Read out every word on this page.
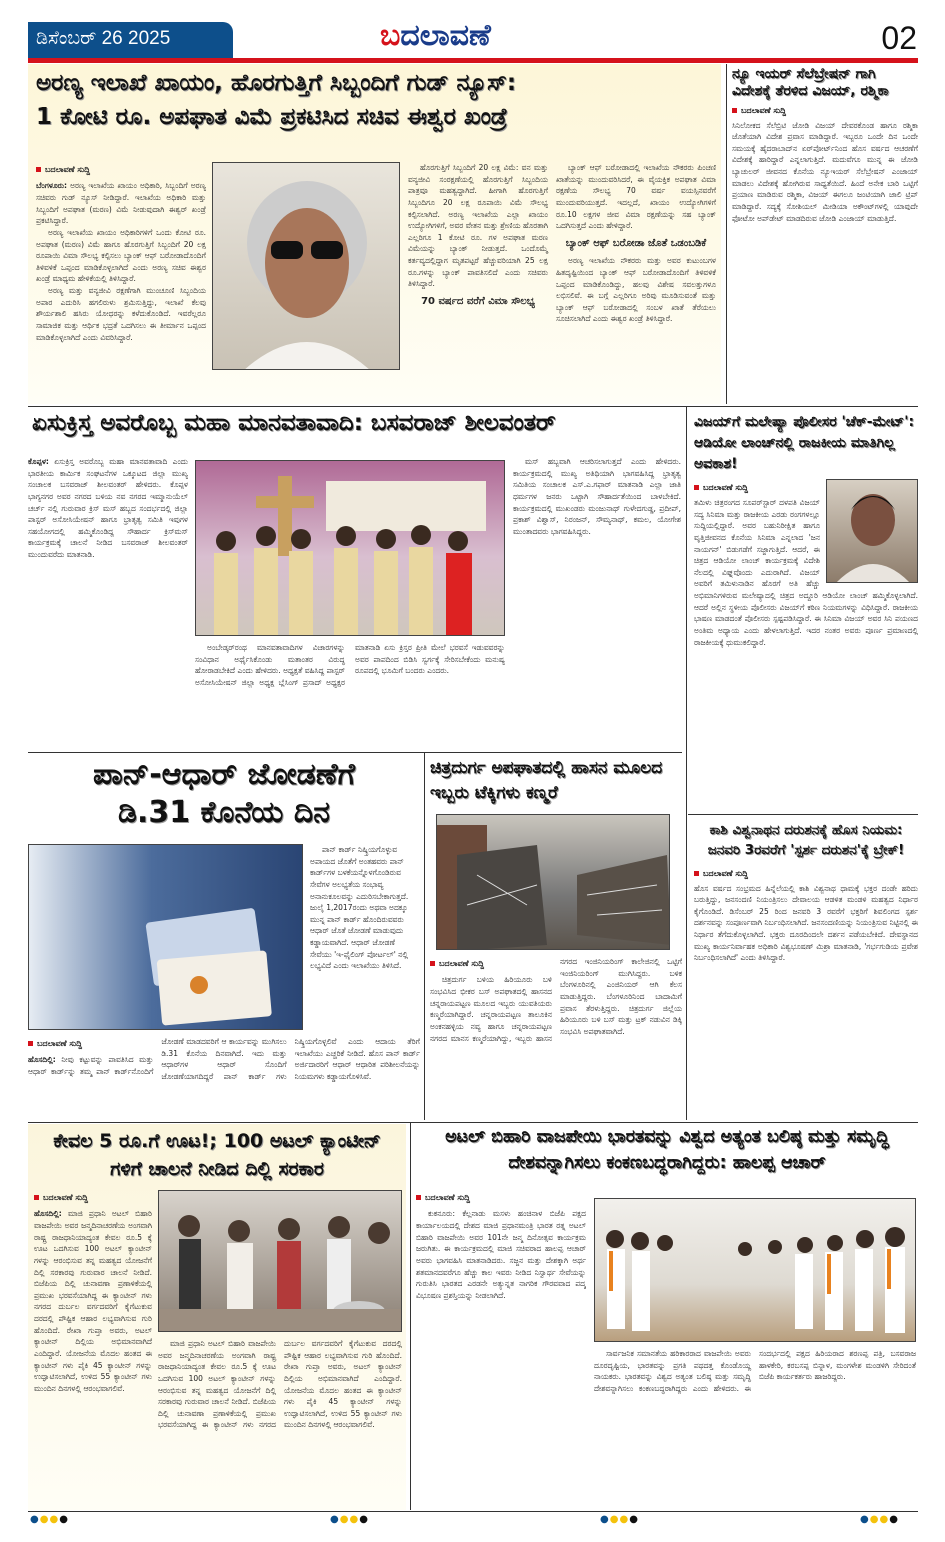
ಡಿಸೆಂಬರ್ 26 2025	ಬದಲಾವಣೆ	02
ಅರಣ್ಯ ಇಲಾಖೆ ಖಾಯಂ, ಹೊರಗುತ್ತಿಗೆ ಸಿಬ್ಬಂದಿಗೆ ಗುಡ್ ನ್ಯೂಸ್:
1 ಕೋಟಿ ರೂ. ಅಪಘಾತ ವಿಮೆ ಪ್ರಕಟಿಸಿದ ಸಚಿವ ಈಶ್ವರ ಖಂಡ್ರೆ
ಬದಲಾವಣೆ ಸುದ್ದಿ

ಬೆಂಗಳೂರು: ಅರಣ್ಯ ಇಲಾಖೆಯ ಖಾಯಂ ಅಧಿಕಾರಿ, ಸಿಬ್ಬಂದಿಗೆ ಅರಣ್ಯ ಸಚಿವರು ಗುಡ್ ನ್ಯೂಸ್ ನೀಡಿದ್ದಾರೆ. ಇಲಾಖೆಯ ಅಧಿಕಾರಿ ಮತ್ತು ಸಿಬ್ಬಂದಿಗೆ ಅಪಘಾತ (ಮರಣ) ವಿಮೆ ನೀಡುವುದಾಗಿ ಈಶ್ವರ್ ಖಂಡ್ರೆ ಪ್ರಕಟಿಸಿದ್ದಾರೆ.

ಅರಣ್ಯ ಇಲಾಖೆಯ ಖಾಯಂ ಅಧಿಕಾರಿಗಳಿಗೆ ಒಂದು ಕೋಟಿ ರೂ. ಅಪಘಾತ (ಮರಣ) ವಿಮೆ ಹಾಗೂ ಹೊರಗುತ್ತಿಗೆ ಸಿಬ್ಬಂದಿಗೆ 20 ಲಕ್ಷ ರೂಪಾಯಿ ವಿಮಾ ಸೌಲಭ್ಯ ಕಲ್ಪಿಸಲು ಬ್ಯಾಂಕ್ ಆಫ್ ಬರೋಡಾದೊಂದಿಗೆ ತಿಳಿವಳಿಕೆ ಒಪ್ಪಂದ ಮಾಡಿಕೊಳ್ಳಲಾಗಿದೆ ಎಂದು ಅರಣ್ಯ ಸಚಿವ ಈಶ್ವರ ಖಂಡ್ರೆ ಮಾಧ್ಯಮ ಹೇಳಿಕೆಯಲ್ಲಿ ತಿಳಿಸಿದ್ದಾರೆ.

ಅರಣ್ಯ ಮತ್ತು ವನ್ಯಜೀವಿ ರಕ್ಷಣೆಗಾಗಿ ಮುಂಚೂಣಿ ಸಿಬ್ಬಂದಿಯ ಅಪಾರ ಎದುರಿಸಿ ಹಗಲಿರುಳು ಶ್ರಮಿಸುತ್ತಿದ್ದು, ಇಲಾಖೆ ಕೆಲವು ಶೌರ್ಯಶಾಲಿ ಹಸಿರು ಯೋಧರನ್ನು ಕಳೆದುಕೊಂಡಿದೆ. ಇವರೆಲ್ಲರೂ ಸಾಮಾಜಿಕ ಮತ್ತು ಆರ್ಥಿಕ ಭದ್ರತೆ ಒದಗಿಸಲು ಈ ತೀರ್ಮಾನ ಒಪ್ಪಂದ ಮಾಡಿಕೊಳ್ಳಲಾಗಿದೆ ಎಂದು ವಿವರಿಸಿದ್ದಾರೆ.

ಹೊರಗುತ್ತಿಗೆ ಸಿಬ್ಬಂದಿಗೆ 20 ಲಕ್ಷ ವಿಮೆ: ವನ ಮತ್ತು ವನ್ಯಜೀವಿ ಸಂರಕ್ಷಣೆಯಲ್ಲಿ ಹೊರಗುತ್ತಿಗೆ ಸಿಬ್ಬಂದಿಯ ಪಾತ್ರವೂ ಮಹತ್ವದ್ದಾಗಿದೆ. ಹೀಗಾಗಿ ಹೊರಗುತ್ತಿಗೆ ಸಿಬ್ಬಂದಿಗೂ 20 ಲಕ್ಷ ರೂಪಾಯಿ ವಿಮೆ ಸೌಲಭ್ಯ ಕಲ್ಪಿಸಲಾಗಿದೆ. ಅರಣ್ಯ ಇಲಾಖೆಯ ಎಲ್ಲಾ ಖಾಯಂ ಉದ್ಯೋಗಿಗಳಿಗೆ, ಅವರ ವೇತನ ಮತ್ತು ಶ್ರೇಣಿಯ ಹೊರತಾಗಿ ಎಲ್ಲರಿಗೂ 1 ಕೋಟಿ ರೂ. ಗಳ ಅಪಘಾತ ಮರಣ ವಿಮೆಯನ್ನು ಬ್ಯಾಂಕ್ ನೀಡುತ್ತದೆ. ಒಂದೊಮ್ಮೆ ಕರ್ತವ್ಯದಲ್ಲಿದ್ದಾಗ ಮೃತಪಟ್ಟರೆ ಹೆಚ್ಚುವರಿಯಾಗಿ 25 ಲಕ್ಷ ರೂ.ಗಳನ್ನು ಬ್ಯಾಂಕ್ ಪಾವತಿಸಲಿದೆ ಎಂದು ಸಚಿವರು ತಿಳಿಸಿದ್ದಾರೆ.

70 ವರ್ಷದ ವರೆಗೆ ವಿಮಾ ಸೌಲಭ್ಯ

ಬ್ಯಾಂಕ್ ಆಫ್ ಬರೋಡಾದಲ್ಲಿ ಇಲಾಖೆಯ ನೌಕರರು ಪಿಂಚಣಿ ಖಾತೆಯನ್ನು ಮುಂದುವರಿಸಿದರೆ, ಈ ವೈಯಕ್ತಿಕ ಅಪಘಾತ ವಿಮಾ ರಕ್ಷಣೆಯ ಸೌಲಭ್ಯ 70 ವರ್ಷ ವಯಸ್ಸಿನವರೆಗೆ ಮುಂದುವರಿಯುತ್ತದೆ. ಇದಲ್ಲದೆ, ಖಾಯಂ ಉದ್ಯೋಗಿಗಳಿಗೆ ರೂ.10 ಲಕ್ಷಗಳ ಜೀವ ವಿಮಾ ರಕ್ಷಣೆಯನ್ನು ಸಹ ಬ್ಯಾಂಕ್ ಒದಗಿಸುತ್ತದೆ ಎಂದು ಹೇಳಿದ್ದಾರೆ.

ಬ್ಯಾಂಕ್ ಆಫ್ ಬರೋಡಾ ಜೊತೆ ಒಡಂಬಡಿಕೆ

ಅರಣ್ಯ ಇಲಾಖೆಯ ನೌಕರರು ಮತ್ತು ಅವರ ಕುಟುಂಬಗಳ ಹಿತದೃಷ್ಟಿಯಿಂದ ಬ್ಯಾಂಕ್ ಆಫ್ ಬರೋಡಾದೊಂದಿಗೆ ತಿಳಿವಳಿಕೆ ಒಪ್ಪಂದ ಮಾಡಿಕೊಂಡಿದ್ದು, ಹಲವು ವಿಶೇಷ ಸವಲತ್ತುಗಳೂ ಲಭಿಸಲಿವೆ. ಈ ಬಗ್ಗೆ ಎಲ್ಲರಿಗೂ ಅರಿವು ಮೂಡಿಸುವಂತೆ ಮತ್ತು ಬ್ಯಾಂಕ್ ಆಫ್ ಬರೋಡಾದಲ್ಲಿ ಸಂಬಳ ಖಾತೆ ತೆರೆಯಲು ಸೂಚಿಸಲಾಗಿದೆ ಎಂದು ಈಶ್ವರ ಖಂಡ್ರೆ ತಿಳಿಸಿದ್ದಾರೆ.

ನ್ಯೂ ಇಯರ್ ಸೆಲೆಬ್ರೇಷನ್ ಗಾಗಿ ವಿದೇಶಕ್ಕೆ ತೆರಳಿದ ವಿಜಯ್, ರಶ್ಮಿಕಾ
ಬದಲಾವಣೆ ಸುದ್ದಿ
ಸಿನಿಲೋಕದ ಸೆಲೆಬ್ರಿಟಿ ಜೋಡಿ ವಿಜಯ್ ದೇವರಕೊಂಡ ಹಾಗೂ ರಶ್ಮಿಕಾ ಜೊತೆಯಾಗಿ ವಿದೇಶ ಪ್ರವಾಸ ಮಾಡಿದ್ದಾರೆ. ಇಬ್ಬರೂ ಒಂದೇ ದಿನ ಒಂದೇ ಸಮಯಕ್ಕೆ ಹೈದರಾಬಾದ್‌ನ ಏರ್‌ಪೋರ್ಟ್‌ನಿಂದ ಹೊಸ ವರ್ಷದ ಆಚರಣೆಗೆ ವಿದೇಶಕ್ಕೆ ಹಾರಿದ್ದಾರೆ ಎನ್ನಲಾಗುತ್ತಿದೆ. ಮದುವೆಗೂ ಮುನ್ನ ಈ ಜೋಡಿ ಬ್ಯಾಚುಲರ್ ಜೀವನದ ಕೊನೆಯ ನ್ಯೂಇಯರ್ ಸೆಲೆಬ್ರೇಷನ್ ಎಂಜಾಯ್ ಮಾಡಲು ವಿದೇಶಕ್ಕೆ ಹೋಗಿರುವ ಸಾಧ್ಯತೆಯಿದೆ. ಹಿಂದೆ ಅನೇಕ ಬಾರಿ ಒಟ್ಟಿಗೆ ಪ್ರಯಾಣ ಮಾಡಿರುವ ರಶ್ಮಿಕಾ, ವಿಜಯ್ ಈಗಲೂ ಜಂಟಿಯಾಗಿ ಜಾಲಿ ಟ್ರಿಪ್ ಮಾಡಿದ್ದಾರೆ. ಸದ್ಯಕ್ಕೆ ಸೋಶಿಯಲ್ ಮೀಡಿಯಾ ಅಕೌಂಟ್‌ಗಳಲ್ಲಿ ಯಾವುದೇ ಫೋಟೋ ಅಪ್‌ಡೇಟ್ ಮಾಡದಿರುವ ಜೋಡಿ ಎಂಜಾಯ್ ಮಾಡುತ್ತಿದೆ.
ಏಸುಕ್ರಿಸ್ತ ಅವರೊಬ್ಬ ಮಹಾ ಮಾನವತಾವಾದಿ: ಬಸವರಾಜ್ ಶೀಲವಂತರ್

ಕೊಪ್ಪಳ: ಏಸುಕ್ರಿಸ್ತ ಅವರೊಬ್ಬ ಮಹಾ ಮಾನವತಾವಾದಿ ಎಂದು ಭಾರತೀಯ ಕಾರ್ಮಿಕ ಸಂಘಟನೆಗಳ ಒಕ್ಕೂಟದ ಜಿಲ್ಲಾ ಮುಖ್ಯ ಸಂಚಾಲಕ ಬಸವರಾಜ್ ಶೀಲವಂತರ್ ಹೇಳಿದರು. ಕೊಪ್ಪಳ ಭಾಗ್ಯನಗರ ಅವರ ನಗರದ ಬಳಿಯ ನವ ನಗರದ ಇಮ್ಮಾನುಯೆಲ್ ಚರ್ಚ್ ನಲ್ಲಿ ಗುರುವಾರ ಕ್ರಿಸ್ ಮಸ್ ಹಬ್ಬದ ಸಂದರ್ಭದಲ್ಲಿ ಜಿಲ್ಲಾ ಪಾಸ್ಟರ್ ಅಸೋಸಿಯೇಷನ್ ಹಾಗೂ ಭ್ರಾತೃತ್ವ ಸಮಿತಿ ಇವುಗಳ ಸಹಯೋಗದಲ್ಲಿ ಹಮ್ಮಿಕೊಂಡಿದ್ದ ಸೌಹಾರ್ದ ಕ್ರಿಸ್‌ಮಸ್ ಕಾರ್ಯಕ್ರಮಕ್ಕೆ ಚಾಲನೆ ನೀಡಿದ ಬಸವರಾಜ್ ಶೀಲವಂತರ್ ಮುಂದುವರೆದು ಮಾತನಾಡಿ.

ಅಂಬೇಡ್ಕರ್‌ರಂಥ ಮಾನವತಾವಾದಿಗಳ ವಿಚಾರಗಳನ್ನು ಸಂವಿಧಾನ ಅರ್ಥೈಸಿಕೊಂಡು ಮತಾಂತರ ವಿರುದ್ಧ ಹೋರಾಡಬೇಕಿದೆ ಎಂದು ಹೇಳಿದರು. ಅಧ್ಯಕ್ಷತೆ ವಹಿಸಿದ್ದ ಪಾಸ್ಟರ್ ಅಸೋಸಿಯೇಷನ್ ಜಿಲ್ಲಾ ಅಧ್ಯಕ್ಷ ಬ್ಲೆಸಿಂಗ್ ಪ್ರಸಾದ್ ಅಧ್ಯಕ್ಷರ ಮಾತನಾಡಿ ಏಸು ಕ್ರಿಸ್ತರ ಪ್ರೀತಿ ಮೇಲೆ ಭರವಸೆ ಇಡುವವರನ್ನು ಅವರ ಪಾಪದಿಂದ ಬಿಡಿಸಿ ಸ್ವರ್ಗಕ್ಕೆ ಸೇರಿಸಬೇಕೆಂದು ಮನುಷ್ಯ ರೂಪದಲ್ಲಿ ಭೂಮಿಗೆ ಬಂದರು ಎಂದರು.

ಮಸ್ ಹಬ್ಬವಾಗಿ ಆಚರಿಸಲಾಗುತ್ತದೆ ಎಂದು ಹೇಳಿದರು. ಕಾರ್ಯಕ್ರಮದಲ್ಲಿ ಮುಖ್ಯ ಅತಿಥಿಯಾಗಿ ಭಾಗವಹಿಸಿದ್ದ ಭ್ರಾತೃತ್ವ ಸಮಿತಿಯ ಸಂಚಾಲಕ ಎಸ್.ಎ.ಗಫಾರ್ ಮಾತನಾಡಿ ಎಲ್ಲಾ ಜಾತಿ ಧರ್ಮಗಳ ಜನರು ಒಟ್ಟಾಗಿ ಸೌಹಾರ್ದತೆಯಿಂದ ಬಾಳಬೇಕಿದೆ. ಕಾರ್ಯಕ್ರಮದಲ್ಲಿ ಮುಖಂಡರು ಮಂಜುನಾಥ್ ಗುಳೇದಗುಡ್ಡ, ಪ್ರದೀಪ್, ಪ್ರಕಾಶ್ ವಿಶ್ವಾಸ್, ನಿರಂಜನ್, ಸೌಮ್ಯನಾಥ್, ಕಮಲ, ಯೋಗೇಶ ಮುಂತಾದವರು ಭಾಗವಹಿಸಿದ್ದರು.

ವಿಜಯ್‌ಗೆ ಮಲೇಷ್ಯಾ ಪೊಲೀಸರ 'ಚೆಕ್-ಮೇಟ್': ಆಡಿಯೋ ಲಾಂಚ್‌ನಲ್ಲಿ ರಾಜಕೀಯ ಮಾತಿಗಿಲ್ಲ ಅವಕಾಶ!
ಬದಲಾವಣೆ ಸುದ್ದಿ
ತಮಿಳು ಚಿತ್ರರಂಗದ ಸೂಪರ್‌ಸ್ಟಾರ್ ದಳಪತಿ ವಿಜಯ್ ಸದ್ಯ ಸಿನಿಮಾ ಮತ್ತು ರಾಜಕೀಯ ಎರಡು ರಂಗಗಳಲ್ಲೂ ಸುದ್ದಿಯಲ್ಲಿದ್ದಾರೆ. ಅವರ ಬಹುನಿರೀಕ್ಷಿತ ಹಾಗೂ ವೃತ್ತಿಜೀವನದ ಕೊನೆಯ ಸಿನಿಮಾ ಎನ್ನಲಾದ 'ಜನ ನಾಯಗನ್' ಬಿಡುಗಡೆಗೆ ಸಜ್ಜಾಗುತ್ತಿದೆ. ಆದರೆ, ಈ ಚಿತ್ರದ ಆಡಿಯೋ ಲಾಂಚ್ ಕಾರ್ಯಕ್ರಮಕ್ಕೆ ವಿದೇಶಿ ನೆಲದಲ್ಲಿ ವಿಘ್ನವೊಂದು ಎದುರಾಗಿದೆ. ವಿಜಯ್ ಅವರಿಗೆ ತಮಿಳುನಾಡಿನ ಹೊರಗೆ ಅತಿ ಹೆಚ್ಚು ಅಭಿಮಾನಿಗಳಿರುವ ಮಲೇಷ್ಯಾದಲ್ಲಿ ಚಿತ್ರದ ಅದ್ದೂರಿ ಆಡಿಯೋ ಲಾಂಚ್ ಹಮ್ಮಿಕೊಳ್ಳಲಾಗಿದೆ. ಆದರೆ ಅಲ್ಲಿನ ಸ್ಥಳೀಯ ಪೊಲೀಸರು ವಿಜಯ್‌ಗೆ ಕಠಿಣ ನಿಯಮಗಳನ್ನು ವಿಧಿಸಿದ್ದಾರೆ. ರಾಜಕೀಯ ಭಾಷಣ ಮಾಡದಂತೆ ಪೊಲೀಸರು ಸ್ಪಷ್ಟಪಡಿಸಿದ್ದಾರೆ. ಈ ಸಿನಿಮಾ ವಿಜಯ್ ಅವರ ಸಿನಿ ಪಯಣದ ಅಂತಿಮ ಅಧ್ಯಾಯ ಎಂದು ಹೇಳಲಾಗುತ್ತಿದೆ. ಇದರ ನಂತರ ಅವರು ಪೂರ್ಣ ಪ್ರಮಾಣದಲ್ಲಿ ರಾಜಕೀಯಕ್ಕೆ ಧುಮುಕಲಿದ್ದಾರೆ.
ಪಾನ್-ಆಧಾರ್ ಜೋಡಣೆಗೆ
ಡಿ.31 ಕೊನೆಯ ದಿನ

ಪಾನ್ ಕಾರ್ಡ್ ನಿಷ್ಕ್ರಿಯಗೊಳ್ಳುವ ಅಪಾಯದ ಜೊತೆಗೆ ಅಂತಹವರು ಪಾನ್ ಕಾರ್ಡ್‌ಗಳ ಬಳಕೆಯನ್ನೊಳಗೊಂಡಿರುವ ಸೇವೆಗಳ ಅಲಭ್ಯತೆಯ ಸಂಭಾವ್ಯ ಅನಾನುಕೂಲವನ್ನು ಎದುರಿಸಬೇಕಾಗುತ್ತದೆ. ಜುಲೈ 1,2017ರಂದು ಅಥವಾ ಅದಕ್ಕೂ ಮುನ್ನ ಪಾನ್ ಕಾರ್ಡ್ ಹೊಂದಿರುವವರು ಆಧಾರ್ ಜೊತೆ ಜೋಡಣೆ ಮಾಡುವುದು ಕಡ್ಡಾಯವಾಗಿದೆ. ಆಧಾರ್ ಜೋಡಣೆ ಸೇವೆಯು 'ಇ-ಫೈಲಿಂಗ್ ಪೋರ್ಟಲ್' ನಲ್ಲಿ ಲಭ್ಯವಿದೆ ಎಂದು ಇಲಾಖೆಯು ತಿಳಿಸಿದೆ.

ಬದಲಾವಣೆ ಸುದ್ದಿ

ಹೊಸದಿಲ್ಲಿ: ನೀವು ಕಟ್ಟುವನ್ನು ಪಾವತಿಸಿದ ಮತ್ತು ಆಧಾರ್ ಕಾರ್ಡ್‌ನ್ನು ತಮ್ಮ ಪಾನ್ ಕಾರ್ಡ್‌ನೊಂದಿಗೆ ಜೋಡಣೆ ಮಾಡದವರಿಗೆ ಆ ಕಾರ್ಯವನ್ನು ಮುಗಿಸಲು ಡಿ.31 ಕೊನೆಯ ದಿನವಾಗಿದೆ. ಇದು ಮತ್ತು ಆಧಾರ್‌ಗಳ ಆಧಾರ್ ಸೊಂದಿಗೆ ಜೋಡಣೆಯಾಗದಿದ್ದರೆ ಪಾನ್ ಕಾರ್ಡ್ ಗಳು ನಿಷ್ಕ್ರಿಯಗೊಳ್ಳಲಿವೆ ಎಂದು ಆದಾಯ ತೆರಿಗೆ ಇಲಾಖೆಯು ಎಚ್ಚರಿಕೆ ನೀಡಿದೆ. ಹೊಸ ಪಾನ್ ಕಾರ್ಡ್ ಅರ್ಜಿದಾರರಿಗೆ ಆಧಾರ್ ಆಧಾರಿತ ಪರಿಶೀಲನೆಯನ್ನು ನಿಯಮಗಳು ಕಡ್ಡಾಯಗೊಳಿಸಿವೆ.

ಚಿತ್ರದುರ್ಗ ಅಪಘಾತದಲ್ಲಿ ಹಾಸನ ಮೂಲದ ಇಬ್ಬರು ಟೆಕ್ಕಿಗಳು ಕಣ್ಮರೆ
ಬದಲಾವಣೆ ಸುದ್ದಿ

ಚಿತ್ರದುರ್ಗ ಬಳಿಯ ಹಿರಿಯೂರು ಬಳಿ ಸಂಭವಿಸಿದ ಭೀಕರ ಬಸ್ ಅಪಘಾತದಲ್ಲಿ ಹಾಸನದ ಚನ್ನರಾಯಪಟ್ಟಣ ಮೂಲದ ಇಬ್ಬರು ಯುವತಿಯರು ಕಣ್ಮರೆಯಾಗಿದ್ದಾರೆ. ಚನ್ನರಾಯಪಟ್ಟಣ ತಾಲೂಕಿನ ಅಂಕನಹಳ್ಳಿಯ ನವ್ಯ ಹಾಗೂ ಚನ್ನರಾಯಪಟ್ಟಣ ನಗರದ ಮಾನಸ ಕಣ್ಮರೆಯಾಗಿದ್ದು, ಇಬ್ಬರು ಹಾಸನ ನಗರದ ಇಂಜಿನಿಯರಿಂಗ್ ಕಾಲೇಜಿನಲ್ಲಿ ಒಟ್ಟಿಗೆ ಇಂಜಿನಿಯರಿಂಗ್ ಮುಗಿಸಿದ್ದರು. ಬಳಿಕ ಬೆಂಗಳೂರಿನಲ್ಲಿ ಎಂಜಿನಿಯರ್ ಆಗಿ ಕೆಲಸ ಮಾಡುತ್ತಿದ್ದರು. ಬೆಂಗಳೂರಿನಿಂದ ಬಾದಾಮಿಗೆ ಪ್ರವಾಸ ತೆರಳುತ್ತಿದ್ದರು. ಚಿತ್ರದುರ್ಗ ಜಿಲ್ಲೆಯ ಹಿರಿಯೂರು ಬಳಿ ಬಸ್ ಮತ್ತು ಟ್ರಕ್ ನಡುವಿನ ಡಿಕ್ಕಿ ಸಂಭವಿಸಿ ಅಪಘಾತವಾಗಿದೆ.

ಕಾಶಿ ವಿಶ್ವನಾಥನ ದರುಶನಕ್ಕೆ ಹೊಸ ನಿಯಮ: ಜನವರಿ 3ರವರೆಗೆ 'ಸ್ಪರ್ಶ ದರುಶನ'ಕ್ಕೆ ಬ್ರೇಕ್!
ಬದಲಾವಣೆ ಸುದ್ದಿ
ಹೊಸ ವರ್ಷದ ಸಂಭ್ರಮದ ಹಿನ್ನೆಲೆಯಲ್ಲಿ ಕಾಶಿ ವಿಶ್ವನಾಥ ಧಾಮಕ್ಕೆ ಭಕ್ತರ ದಂಡೇ ಹರಿದು ಬರುತ್ತಿದ್ದು, ಜನಸಂದಣಿ ನಿಯಂತ್ರಿಸಲು ದೇವಾಲಯ ಆಡಳಿತ ಮಂಡಳಿ ಮಹತ್ವದ ನಿರ್ಧಾರ ಕೈಗೊಂಡಿದೆ. ಡಿಸೆಂಬರ್ 25 ರಿಂದ ಜನವರಿ 3 ರವರೆಗೆ ಭಕ್ತರಿಗೆ ಶಿವಲಿಂಗದ ಸ್ಪರ್ಶ ದರ್ಶನವನ್ನು ಸಂಪೂರ್ಣವಾಗಿ ನಿರ್ಬಂಧಿಸಲಾಗಿದೆ. ಜನಸಂದಣಿಯನ್ನು ನಿಯಂತ್ರಿಸುವ ನಿಟ್ಟಿನಲ್ಲಿ ಈ ನಿರ್ಧಾರ ತೆಗೆದುಕೊಳ್ಳಲಾಗಿದೆ. ಭಕ್ತರು ದೂರದಿಂದಲೇ ದರ್ಶನ ಪಡೆಯಬೇಕಿದೆ. ದೇವಸ್ಥಾನದ ಮುಖ್ಯ ಕಾರ್ಯನಿರ್ವಾಹಕ ಅಧಿಕಾರಿ ವಿಶ್ವಭೂಷಣ್ ಮಿಶ್ರಾ ಮಾತನಾಡಿ, 'ಗರ್ಭಗುಡಿಯ ಪ್ರವೇಶ ನಿರ್ಬಂಧಿಸಲಾಗಿದೆ' ಎಂದು ತಿಳಿಸಿದ್ದಾರೆ.
ಕೇವಲ 5 ರೂ.ಗೆ ಊಟ!; 100 ಅಟಲ್ ಕ್ಯಾಂಟೀನ್ ಗಳಿಗೆ ಚಾಲನೆ ನೀಡಿದ ದಿಲ್ಲಿ ಸರಕಾರ
ಬದಲಾವಣೆ ಸುದ್ದಿ

ಹೊಸದಿಲ್ಲಿ: ಮಾಜಿ ಪ್ರಧಾನಿ ಅಟಲ್ ಬಿಹಾರಿ ವಾಜಪೇಯಿ ಅವರ ಜನ್ಮದಿನಾಚರಣೆಯ ಅಂಗವಾಗಿ ರಾಷ್ಟ್ರ ರಾಜಧಾನಿಯಾದ್ಯಂತ ಕೇವಲ ರೂ.5 ಕ್ಕೆ ಊಟ ಒದಗಿಸುವ 100 ಅಟಲ್ ಕ್ಯಾಂಟೀನ್ ಗಳನ್ನು ಆರಂಭಿಸುವ ತನ್ನ ಮಹತ್ವದ ಯೋಜನೆಗೆ ದಿಲ್ಲಿ ಸರಕಾರವು ಗುರುವಾರ ಚಾಲನೆ ನೀಡಿದೆ. ಬಿಜೆಪಿಯ ದಿಲ್ಲಿ ಚುನಾವಣಾ ಪ್ರಣಾಳಿಕೆಯಲ್ಲಿ ಪ್ರಮುಖ ಭರವಸೆಯಾಗಿದ್ದ ಈ ಕ್ಯಾಂಟೀನ್ ಗಳು ನಗರದ ದುರ್ಬಲ ವರ್ಗದವರಿಗೆ ಕೈಗೆಟುಕುವ ದರದಲ್ಲಿ ಪೌಷ್ಟಿಕ ಆಹಾರ ಲಭ್ಯವಾಗಿಸುವ ಗುರಿ ಹೊಂದಿದೆ. ರೇಖಾ ಗುಪ್ತಾ ಅವರು, ಅಟಲ್ ಕ್ಯಾಂಟೀನ್ ದಿಲ್ಲಿಯ ಅಭಿಮಾನವಾಗಿದೆ ಎಂದಿದ್ದಾರೆ. ಯೋಜನೆಯ ಮೊದಲ ಹಂತದ ಈ ಕ್ಯಾಂಟೀನ್ ಗಳು ಪೈಕಿ 45 ಕ್ಯಾಂಟೀನ್ ಗಳನ್ನು ಉದ್ಘಾಟಿಸಲಾಗಿದೆ, ಉಳಿದ 55 ಕ್ಯಾಂಟೀನ್ ಗಳು ಮುಂದಿನ ದಿನಗಳಲ್ಲಿ ಆರಂಭವಾಗಲಿವೆ.

ಮಾಜಿ ಪ್ರಧಾನಿ ಅಟಲ್ ಬಿಹಾರಿ ವಾಜಪೇಯಿ ಅವರ ಜನ್ಮದಿನಾಚರಣೆಯ ಅಂಗವಾಗಿ ರಾಷ್ಟ್ರ ರಾಜಧಾನಿಯಾದ್ಯಂತ ಕೇವಲ ರೂ.5 ಕ್ಕೆ ಊಟ ಒದಗಿಸುವ 100 ಅಟಲ್ ಕ್ಯಾಂಟೀನ್ ಗಳನ್ನು ಆರಂಭಿಸುವ ತನ್ನ ಮಹತ್ವದ ಯೋಜನೆಗೆ ದಿಲ್ಲಿ ಸರಕಾರವು ಗುರುವಾರ ಚಾಲನೆ ನೀಡಿದೆ. ಬಿಜೆಪಿಯ ದಿಲ್ಲಿ ಚುನಾವಣಾ ಪ್ರಣಾಳಿಕೆಯಲ್ಲಿ ಪ್ರಮುಖ ಭರವಸೆಯಾಗಿದ್ದ ಈ ಕ್ಯಾಂಟೀನ್ ಗಳು ನಗರದ ದುರ್ಬಲ ವರ್ಗದವರಿಗೆ ಕೈಗೆಟುಕುವ ದರದಲ್ಲಿ ಪೌಷ್ಟಿಕ ಆಹಾರ ಲಭ್ಯವಾಗಿಸುವ ಗುರಿ ಹೊಂದಿದೆ. ರೇಖಾ ಗುಪ್ತಾ ಅವರು, ಅಟಲ್ ಕ್ಯಾಂಟೀನ್ ದಿಲ್ಲಿಯ ಅಭಿಮಾನವಾಗಿದೆ ಎಂದಿದ್ದಾರೆ. ಯೋಜನೆಯ ಮೊದಲ ಹಂತದ ಈ ಕ್ಯಾಂಟೀನ್ ಗಳು ಪೈಕಿ 45 ಕ್ಯಾಂಟೀನ್ ಗಳನ್ನು ಉದ್ಘಾಟಿಸಲಾಗಿದೆ, ಉಳಿದ 55 ಕ್ಯಾಂಟೀನ್ ಗಳು ಮುಂದಿನ ದಿನಗಳಲ್ಲಿ ಆರಂಭವಾಗಲಿವೆ.

ಅಟಲ್ ಬಿಹಾರಿ ವಾಜಪೇಯಿ ಭಾರತವನ್ನು ವಿಶ್ವದ ಅತ್ಯಂತ ಬಲಿಷ್ಠ ಮತ್ತು ಸಮೃದ್ಧಿ ದೇಶವನ್ನಾಗಿಸಲು ಕಂಕಣಬದ್ಧರಾಗಿದ್ದರು: ಹಾಲಪ್ಪ ಆಚಾರ್
ಬದಲಾವಣೆ ಸುದ್ದಿ

ಕುಕನೂರು: ಕೆಲ್ಲನಾಡು ಮಸಳು ಹಂಚಿನಾಳ ಬಿಜೆಪಿ ಪಕ್ಷದ ಕಾರ್ಯಾಲಯದಲ್ಲಿ ದೇಶದ ಮಾಜಿ ಪ್ರಧಾನಮಂತ್ರಿ ಭಾರತ ರತ್ನ ಅಟಲ್ ಬಿಹಾರಿ ವಾಜಪೇಯಿ ಅವರ 101ನೇ ಜನ್ಮ ದಿನೋತ್ಸವ ಕಾರ್ಯಕ್ರಮ ಜರುಗಿತು. ಈ ಕಾರ್ಯಕ್ರಮದಲ್ಲಿ ಮಾಜಿ ಸಚಿವರಾದ ಹಾಲಪ್ಪ ಆಚಾರ್ ಅವರು ಭಾಗವಹಿಸಿ ಮಾತನಾಡಿದರು. ಸಜ್ಜನ ಮತ್ತು ದೇಶಕ್ಕಾಗಿ ಅರ್ಥ ಶತಮಾನದವರೆಗೂ ಹೆಚ್ಚು ಕಾಲ ಇವರು ನೀಡಿದ ನಿಸ್ವಾರ್ಥ ಸೇವೆಯನ್ನು ಗುರುತಿಸಿ ಭಾರತದ ಎರಡನೇ ಅತ್ಯುನ್ನತ ನಾಗರಿಕ ಗೌರವವಾದ ಪದ್ಮ ವಿಭೂಷಣ ಪ್ರಶಸ್ತಿಯನ್ನು ನೀಡಲಾಗಿದೆ.

ಸಾರ್ವಜನಿಕ ಸಮಾನತೆಯ ಹರಿಕಾರರಾದ ವಾಜಪೇಯಿ ಅವರು ದೂರದೃಷ್ಟಿಯ, ಭಾರತವನ್ನು ಪ್ರಗತಿ ಪಥದತ್ತ ಕೊಂಡೊಯ್ದ ನಾಯಕರು. ಭಾರತವನ್ನು ವಿಶ್ವದ ಅತ್ಯಂತ ಬಲಿಷ್ಠ ಮತ್ತು ಸಮೃದ್ಧಿ ದೇಶವನ್ನಾಗಿಸಲು ಕಂಕಣಬದ್ಧರಾಗಿದ್ದರು ಎಂದು ಹೇಳಿದರು. ಈ ಸಂದರ್ಭದಲ್ಲಿ ಪಕ್ಷದ ಹಿರಿಯರಾದ ಶರಣಪ್ಪ ಪತ್ರಿ, ಬಸವರಾಜ ಹಾಳಕೇರಿ, ಕರಬಸಪ್ಪ ಬಿನ್ನಾಳ, ಮಂಗಳೇಶ ಮಂಡಳಿಗಿ ಸೇರಿದಂತೆ ಬಿಜೆಪಿ ಕಾರ್ಯಕರ್ತರು ಹಾಜರಿದ್ದರು.

●●●●	●●●●	●●●●	●●●●
